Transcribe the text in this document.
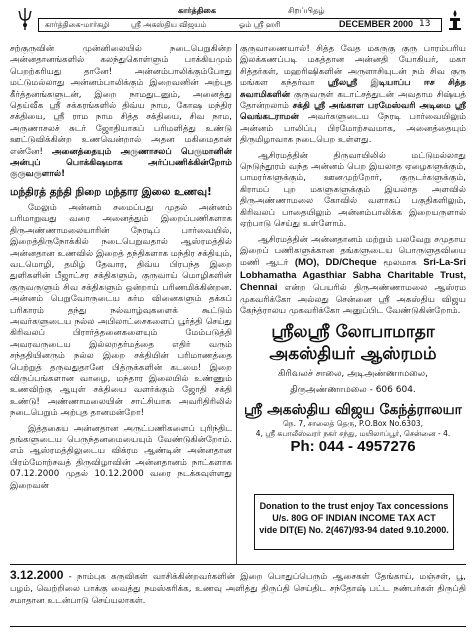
கார்த்திகை	சிறப்பிதழ்
கார்த்திகை-மார்கழி	ஸ்ரீ அகஸ்திய விஜயம்	ஓம் ஸ்ரீ ஹரி	DECEMBER 2000 13
சற்குருவின் முன்னிலையில் நடைபெறுகின்ற அன்னதானங்களில் கலந்துகொள்ளும் பாக்கியமும் பெறற்கரியது தானே! அன்னம்பாலிக்கும்போது மட்டுமல்லாது அன்னம்பாலிக்கும் இறைவனின் அற்புத கீர்த்தனங்களுடன், இறை நாமதுடனும், அனைத்து தெய்வீக ஸ்ரீ சக்கரங்களில் திவ்ய நாம, கோஷ மந்திர சக்தியை, ஸ்ரீ ராம நாம சித்த சக்தியை, சிவ நாம, அருணாசலச் சுடர் ஜோதியாகப் பரிமளித்து உண்டு ஊட்டுவிக்கின்ற உணவென்றால் அதன மகிமைதான் என்னே! அனைத்தையும் அருணாசலப் பெருமானின் அன்புப் பொக்கிஷமாக அர்ப்பணிக்கின்றோம் குருவருளால்!
மந்திரத் தந்தி நிறை மந்தார இலை உணவு!
மேலும் அன்னம் சமைப்பது முதல் அன்னம் பரிமாறுவது வரை அனைத்தும் இறைப்பணிகளாக திருஅண்ணாமலையாரின் நேரடிப் பார்வையில், இறைத்திருநோக்கில் நடைபெறுவதால் ஆஸ்ரமத்தில் அன்னதான உணவில் இறைத் தந்திகளாக மந்திர சக்தியும், வடமொழி, தமிழ் தேவார, திவ்ய பிரபந்த இறை துளிகளின் பீஜாட்சர சக்திகளும், குருவாய் மொழிகளின் குருவருளும் சிவ சக்திகளும் ஒன்றாய் பரிணமிக்கின்றன. அன்னம் பெறுவோருடைய கர்ம வினைகளும் தக்கப் பரிகாரம் தந்து நல்வாழ்வுகளைக் கூட்டும் அவர்களுடைய நல்ல அபிலாட்சைகளைப் பூர்த்தி செய்து கிரிவலப் பிரார்த்தனைகளையும் மேம்படுத்தி அவரவருடைய இல்லறதர்மத்தை எதிர் வரும் சந்ததியினரும் நல்ல இறை சக்தியின் பரிமாணத்தை பெற்றுத் தருவதுதானே பித்ருக்களின் கடமை! இறை விருப்பங்களான வாழை, மந்தார இலையில் உண்ணும் உணவிற்கு ஆயுள் சக்தியை வளர்க்கும் ஜோதி சக்தி உண்டு! அண்ணாமலையின் சாட்சியாக அவரிதிரிலில் நடைபெறும் அற்புத தானமன்றோ!
இத்தகைய அன்னதான அருட்பணிகளைப் புரிந்திட தங்களுடைய பெருந்தனமையையும் வேண்டுகின்றோம். எம் ஆஸ்ரமத்திலுடைய விக்ரம ஆண்டின் அன்னதான பிரம்மோற்சவத் திருவிழாவின் அன்னதானம் நாட்களாக 07.12.2000 முதல் 10.12.2000 வரை நடக்கவுள்ளது இறைவன்
குருவாணையால்! சித்த வேத மகருகு குரு பாரம்பரிய இலக்கணப்படி மகத்தான அன்னதி யோகியர், மகா சித்தர்கள், மஹரிஷிகளின் அருளாசியுடன் நம் சிவ குரு மங்கள கந்தர்வா ஸ்ரீலஸ்ரீ இடியாப்ப ஈச சித்த சுவாமிகளின் குருவருள் கடாட்சத்துடன் அவதாம சிஷ்யத் தோன்றலாம் சக்தி ஸ்ரீ அங்காள பரமேஸ்வரி அடிமை ஸ்ரீ வெங்கடராமன் அவர்களுடைய நேரடி பார்வையிலும் அன்னம் பாலிப்பு பிரமோற்சவமாக, அனைத்தையும் திருமிழாவாக நடைபெற உள்ளது.
ஆசிரமத்தின் திருவாயிலில் மட்டுமல்லாது நெடுந்தூரம் வந்த அன்னம் பெற இயலாத ஏழைகளுக்கும், பாமரர்களுக்கும், ஊனமுற்றோர், குருடர்களுக்கும், கிராமப் புற மகளுகளுக்கும் இயலாத அளவில் திருஅண்ணாமலை கோவில் வளாகப் பகுதிகளிலும், கிரிவலப் பாதையிலும் அன்னம்பாலிக்க இறையருளால் ஏற்பாடு செய்து உள்ளோம்.
ஆசிரமத்தின் அன்னதானம் மற்றும் பலவேறு சமுதாய இறைப் பணிகளுக்கான தங்களுடைய பொருளுதவியை மணி ஆடர் (MO), DD/Cheque மூலமாக Sri-La-Sri Lobhamatha Agasthiar Sabha Charitable Trust, Chennai என்ற பெயரில் திருஅண்ணாமலை ஆஸ்ரம முகவரிக்கோ அல்லது சென்னை ஸ்ரீ அகஸ்திய விஜய கேந்த்ராலய முகவரிக்கோ அனுப்பிட வேண்டுகின்றோம்.
ஸ்ரீலஸ்ரீ லோபாமாதா
அகஸ்தியர் ஆஸ்ரமம்
கிரிவலச் சாலை, அடிஅண்ணாமலை,
திருஅண்ணாமலை - 606 604.
ஸ்ரீ அகஸ்திய விஜய கேந்த்ராலயா
நெ. 7, சாலைத் தெரு, P.O.Box No.6303,
4, ஸ்ரீ கபாலீஸ்வரர் நகர் சந்து, மயிலாப்பூர், சென்னை - 4.
Ph: 044 - 4957276
Donation to the trust enjoy Tax concessions
U/s. 80G OF INDIAN INCOME TAX ACT
vide DIT(E) No. 2(467)/93-94 dated 9.10.2000.
3.12.2000 - நாம்புக கருவிகள் வாசிக்கின்றவர்களின் இறை பொதுப்பெரும் ஆசைகள் தேங்காய், மஞ்சள், பூ, பழம், வெற்றிலை பாக்கு வைத்து நமஸ்கரிக்க, உணவு அளித்து திருப்தி செய்திட சந்தோஷ் பட்ட நண்பர்கள் திருப்தி சமாதான உடன்பாடு செய்யலாகள்.
